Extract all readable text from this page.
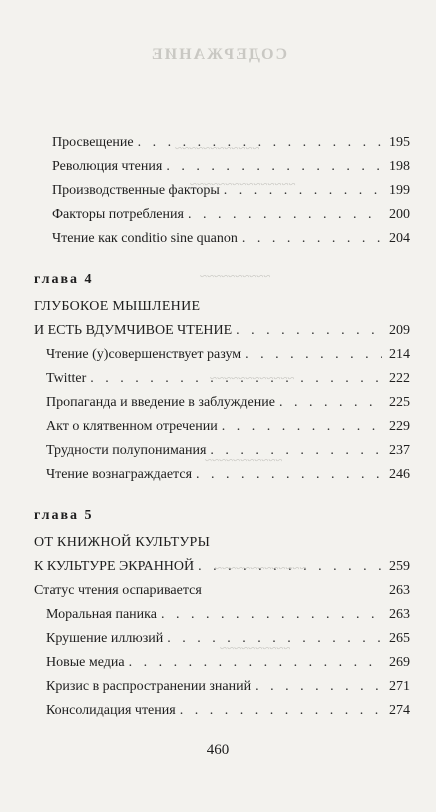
СОДЕРЖАНИЕ
~~~~~~~~~~~~
~~~~~~~~~~~~~~~
~~~~~~~~~~
~~~~~~~~~~~~
~~~~~~~~~~~
~~~~~~~~~~~~~
~~~~~~~~~~
Просвещение . . .	195
Революция чтения . . .	198
Производственные факторы . . .	199
Факторы потребления . . .	200
Чтение как conditio sine quanon . . .	204
глава 4
ГЛУБОКОЕ МЫШЛЕНИЕ
И ЕСТЬ ВДУМЧИВОЕ ЧТЕНИЕ . . .	209
Чтение (у)совершенствует разум . . .	214
Twitter . . .	222
Пропаганда и введение в заблуждение . . .	225
Акт о клятвенном отречении . . .	229
Трудности полупонимания . . .	237
Чтение вознаграждается . . .	246
глава 5
ОТ КНИЖНОЙ КУЛЬТУРЫ
К КУЛЬТУРЕ ЭКРАННОЙ . . .	259
Статус чтения оспаривается	263
Моральная паника . . .	263
Крушение иллюзий . . .	265
Новые медиа . . .	269
Кризис в распространении знаний . . .	271
Консолидация чтения . . .	274
460
